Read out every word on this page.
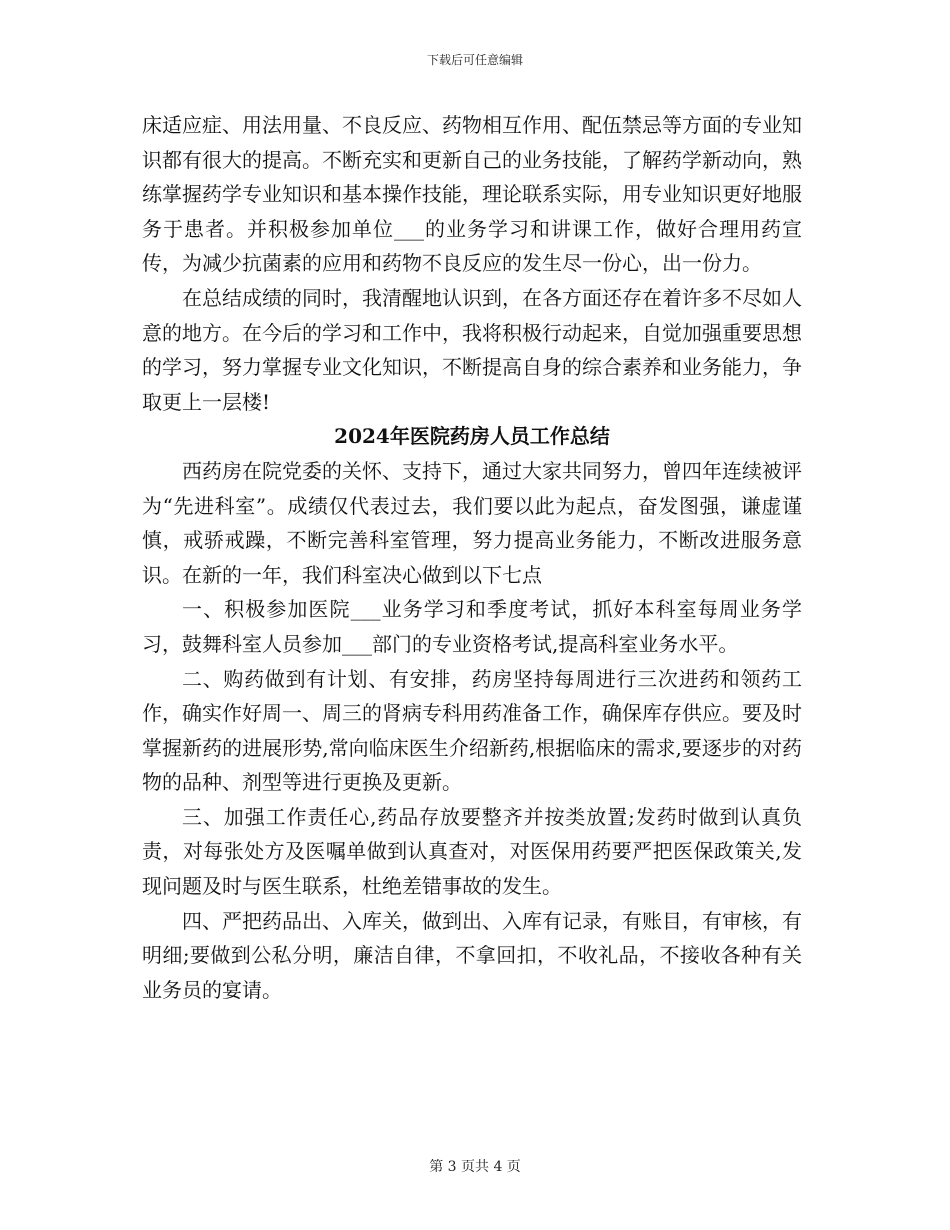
下载后可任意编辑

床适应症、用法用量、不良反应、药物相互作用、配伍禁忌等方面的专业知识都有很大的提高。不断充实和更新自己的业务技能，了解药学新动向，熟练掌握药学专业知识和基本操作技能，理论联系实际，用专业知识更好地服务于患者。并积极参加单位___的业务学习和讲课工作，做好合理用药宣传，为减少抗菌素的应用和药物不良反应的发生尽一份心，出一份力。

在总结成绩的同时，我清醒地认识到，在各方面还存在着许多不尽如人意的地方。在今后的学习和工作中，我将积极行动起来，自觉加强重要思想的学习，努力掌握专业文化知识，不断提高自身的综合素养和业务能力，争取更上一层楼!

2024年医院药房人员工作总结

西药房在院党委的关怀、支持下，通过大家共同努力，曾四年连续被评为“先进科室”。成绩仅代表过去，我们要以此为起点，奋发图强，谦虚谨慎，戒骄戒躁，不断完善科室管理，努力提高业务能力，不断改进服务意识。在新的一年，我们科室决心做到以下七点

一、积极参加医院___业务学习和季度考试，抓好本科室每周业务学习，鼓舞科室人员参加___部门的专业资格考试,提高科室业务水平。

二、购药做到有计划、有安排，药房坚持每周进行三次进药和领药工作，确实作好周一、周三的肾病专科用药准备工作，确保库存供应。要及时掌握新药的进展形势,常向临床医生介绍新药,根据临床的需求,要逐步的对药物的品种、剂型等进行更换及更新。

三、加强工作责任心,药品存放要整齐并按类放置;发药时做到认真负责，对每张处方及医嘱单做到认真查对，对医保用药要严把医保政策关,发现问题及时与医生联系，杜绝差错事故的发生。

四、严把药品出、入库关，做到出、入库有记录，有账目，有审核，有明细;要做到公私分明，廉洁自律，不拿回扣，不收礼品，不接收各种有关业务员的宴请。

第 3 页共 4 页
